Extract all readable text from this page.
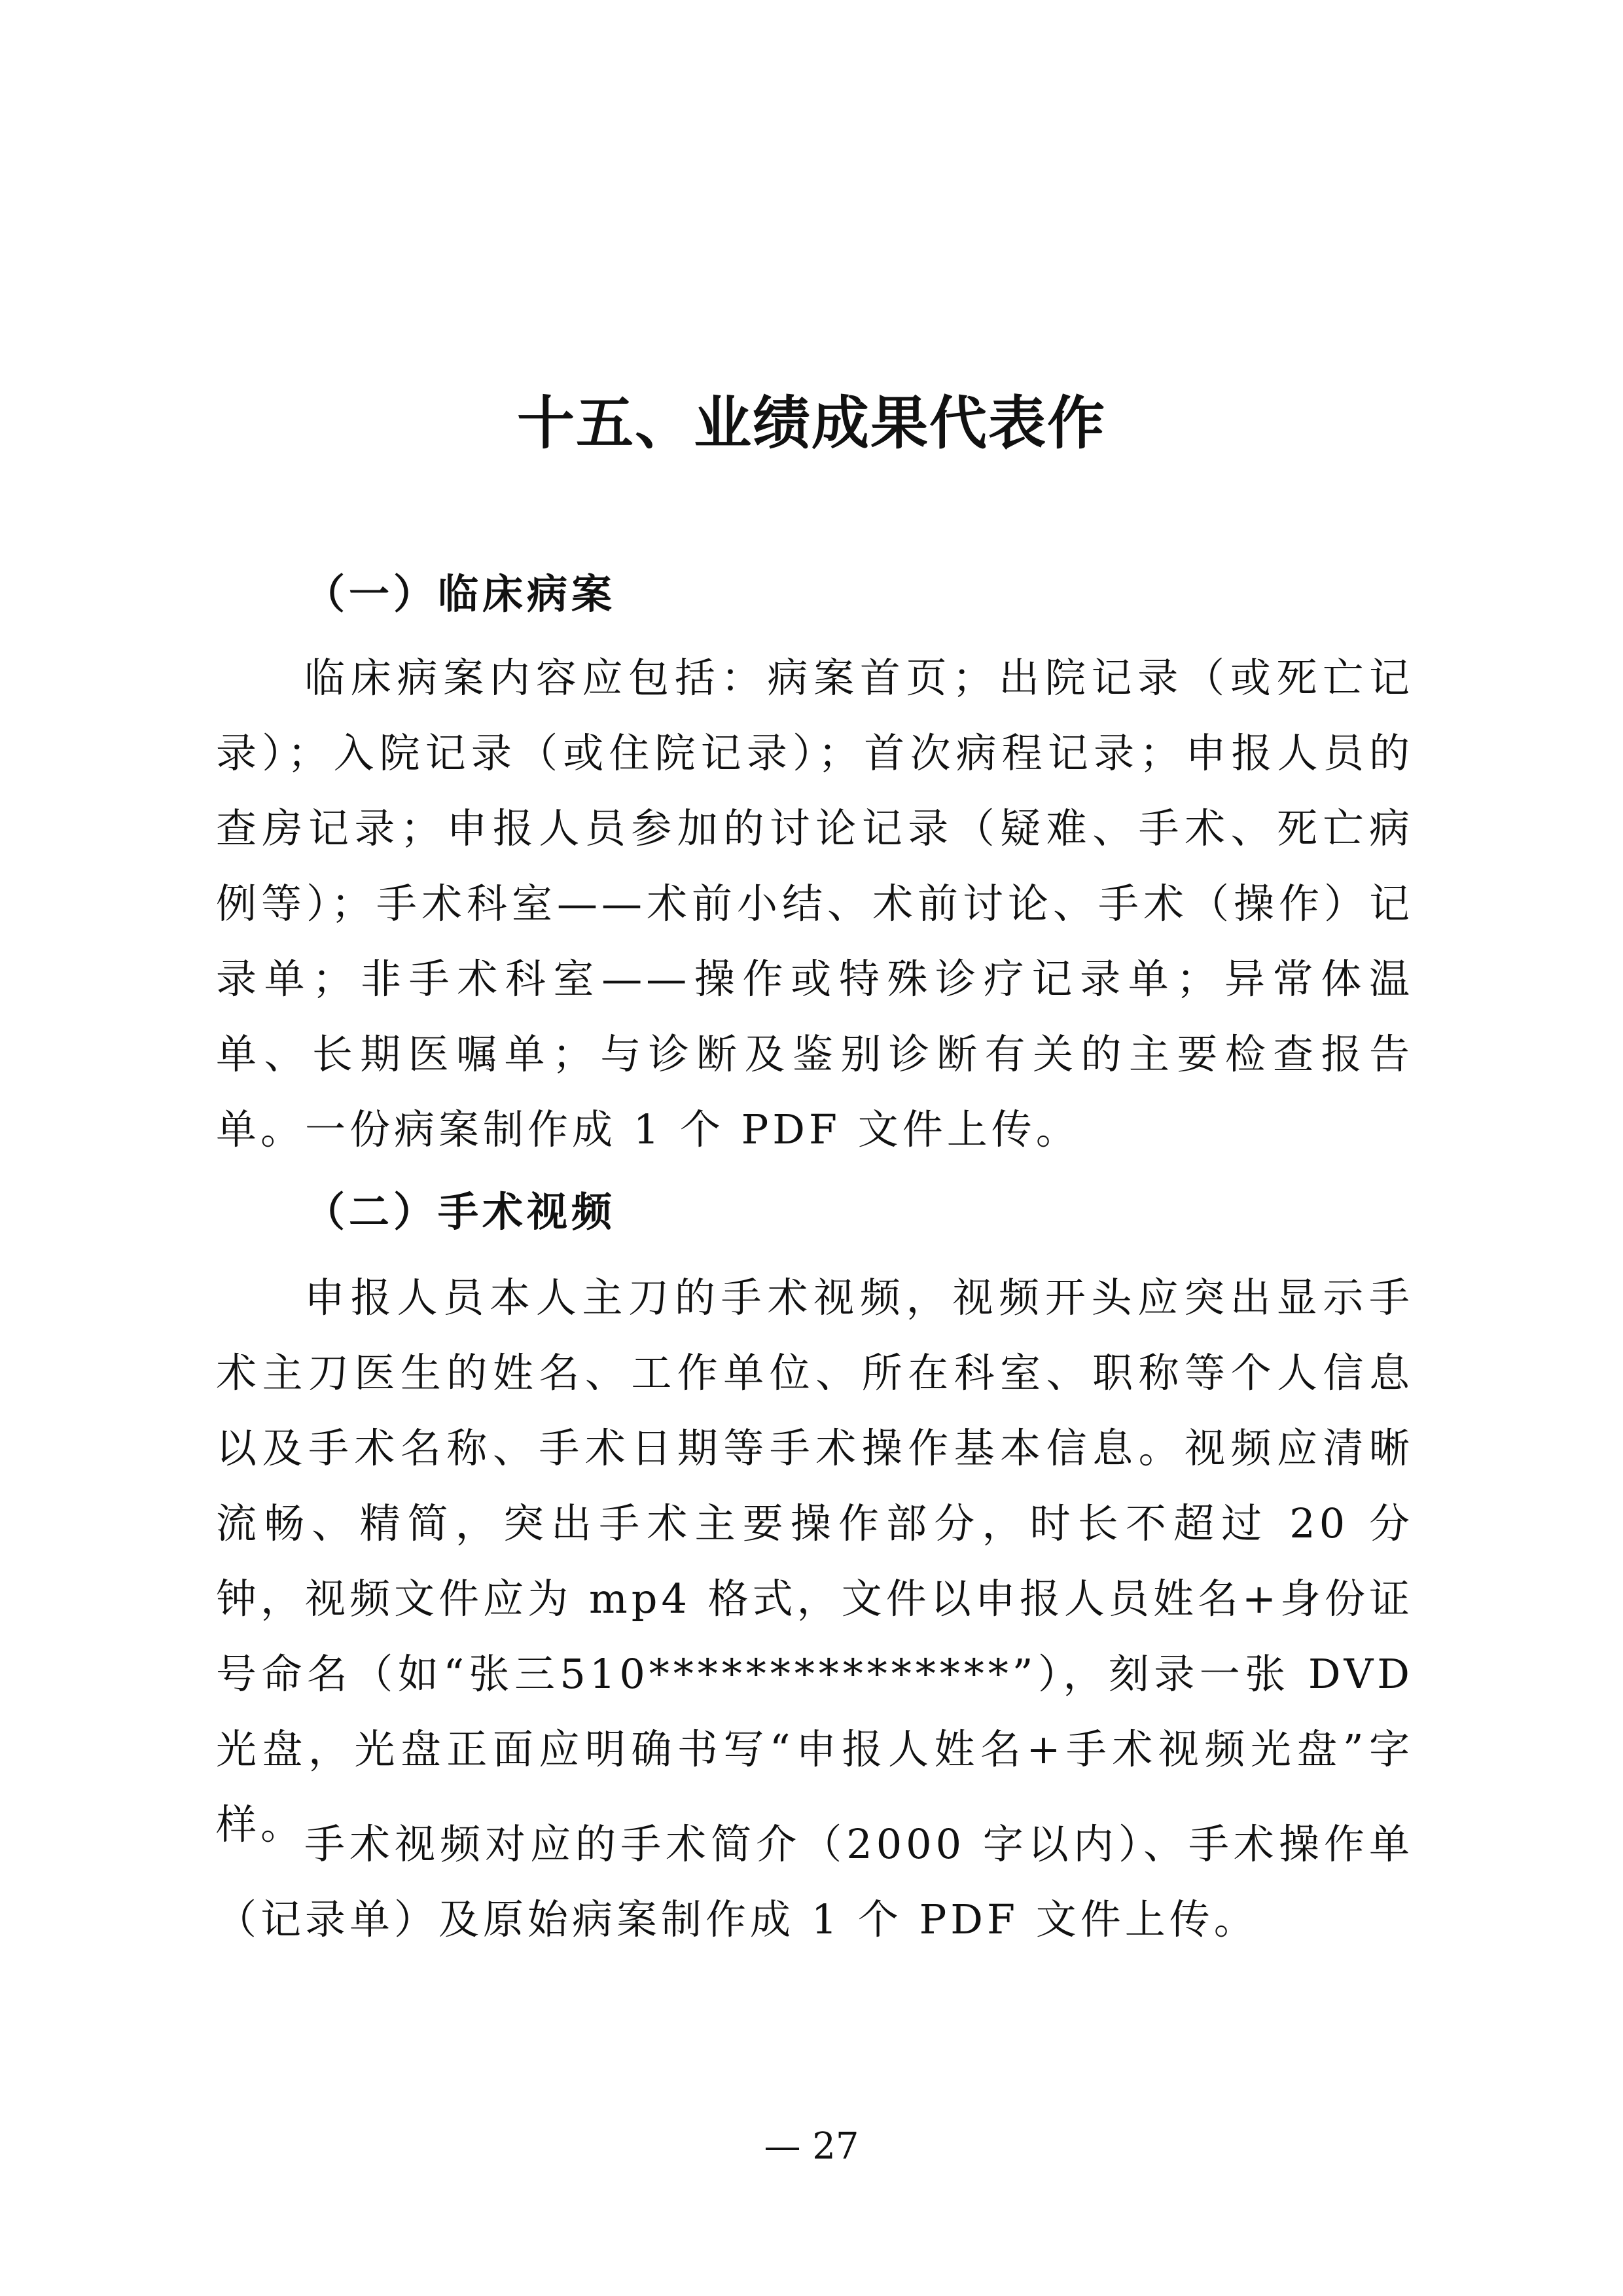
十五、业绩成果代表作
（一）临床病案

临床病案内容应包括：病案首页；出院记录（或死亡记录）；入院记录（或住院记录）；首次病程记录；申报人员的查房记录；申报人员参加的讨论记录（疑难、手术、死亡病例等）；手术科室——术前小结、术前讨论、手术（操作）记录单；非手术科室——操作或特殊诊疗记录单；异常体温单、长期医嘱单；与诊断及鉴别诊断有关的主要检查报告单。一份病案制作成 1 个 PDF 文件上传。

（二）手术视频

申报人员本人主刀的手术视频，视频开头应突出显示手术主刀医生的姓名、工作单位、所在科室、职称等个人信息以及手术名称、手术日期等手术操作基本信息。视频应清晰流畅、精简，突出手术主要操作部分，时长不超过 20 分钟，视频文件应为 mp4 格式，文件以申报人员姓名+身份证号命名（如“张三510***************”），刻录一张 DVD 光盘，光盘正面应明确书写“申报人姓名+手术视频光盘”字样。

手术视频对应的手术简介（2000 字以内）、手术操作单（记录单）及原始病案制作成 1 个 PDF 文件上传。

— 27
